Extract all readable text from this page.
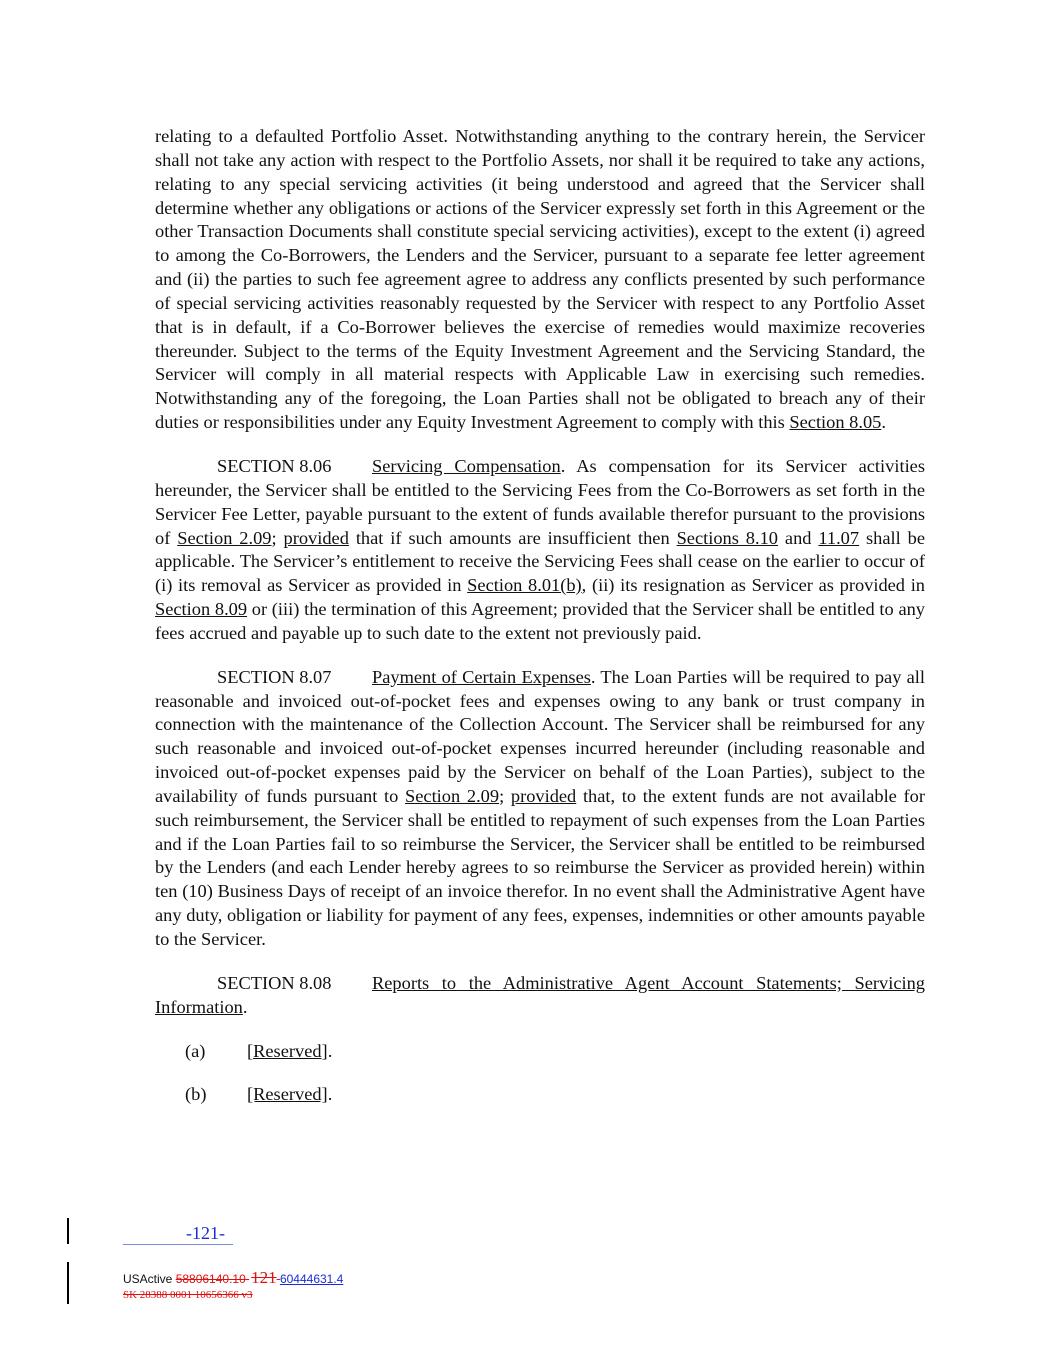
relating to a defaulted Portfolio Asset. Notwithstanding anything to the contrary herein, the Servicer shall not take any action with respect to the Portfolio Assets, nor shall it be required to take any actions, relating to any special servicing activities (it being understood and agreed that the Servicer shall determine whether any obligations or actions of the Servicer expressly set forth in this Agreement or the other Transaction Documents shall constitute special servicing activities), except to the extent (i) agreed to among the Co-Borrowers, the Lenders and the Servicer, pursuant to a separate fee letter agreement and (ii) the parties to such fee agreement agree to address any conflicts presented by such performance of special servicing activities reasonably requested by the Servicer with respect to any Portfolio Asset that is in default, if a Co-Borrower believes the exercise of remedies would maximize recoveries thereunder. Subject to the terms of the Equity Investment Agreement and the Servicing Standard, the Servicer will comply in all material respects with Applicable Law in exercising such remedies. Notwithstanding any of the foregoing, the Loan Parties shall not be obligated to breach any of their duties or responsibilities under any Equity Investment Agreement to comply with this Section 8.05.

SECTION 8.06 Servicing Compensation. As compensation for its Servicer activities hereunder, the Servicer shall be entitled to the Servicing Fees from the Co-Borrowers as set forth in the Servicer Fee Letter, payable pursuant to the extent of funds available therefor pursuant to the provisions of Section 2.09; provided that if such amounts are insufficient then Sections 8.10 and 11.07 shall be applicable. The Servicer’s entitlement to receive the Servicing Fees shall cease on the earlier to occur of (i) its removal as Servicer as provided in Section 8.01(b), (ii) its resignation as Servicer as provided in Section 8.09 or (iii) the termination of this Agreement; provided that the Servicer shall be entitled to any fees accrued and payable up to such date to the extent not previously paid.

SECTION 8.07 Payment of Certain Expenses. The Loan Parties will be required to pay all reasonable and invoiced out-of-pocket fees and expenses owing to any bank or trust company in connection with the maintenance of the Collection Account. The Servicer shall be reimbursed for any such reasonable and invoiced out-of-pocket expenses incurred hereunder (including reasonable and invoiced out-of-pocket expenses paid by the Servicer on behalf of the Loan Parties), subject to the availability of funds pursuant to Section 2.09; provided that, to the extent funds are not available for such reimbursement, the Servicer shall be entitled to repayment of such expenses from the Loan Parties and if the Loan Parties fail to so reimburse the Servicer, the Servicer shall be entitled to be reimbursed by the Lenders (and each Lender hereby agrees to so reimburse the Servicer as provided herein) within ten (10) Business Days of receipt of an invoice therefor. In no event shall the Administrative Agent have any duty, obligation or liability for payment of any fees, expenses, indemnities or other amounts payable to the Servicer.

SECTION 8.08 Reports to the Administrative Agent Account Statements; Servicing Information.

(a) [Reserved].

(b) [Reserved].

-121-
USActive 58806140.10 121 60444631.4
SK 28388 0001 10656366 v3
